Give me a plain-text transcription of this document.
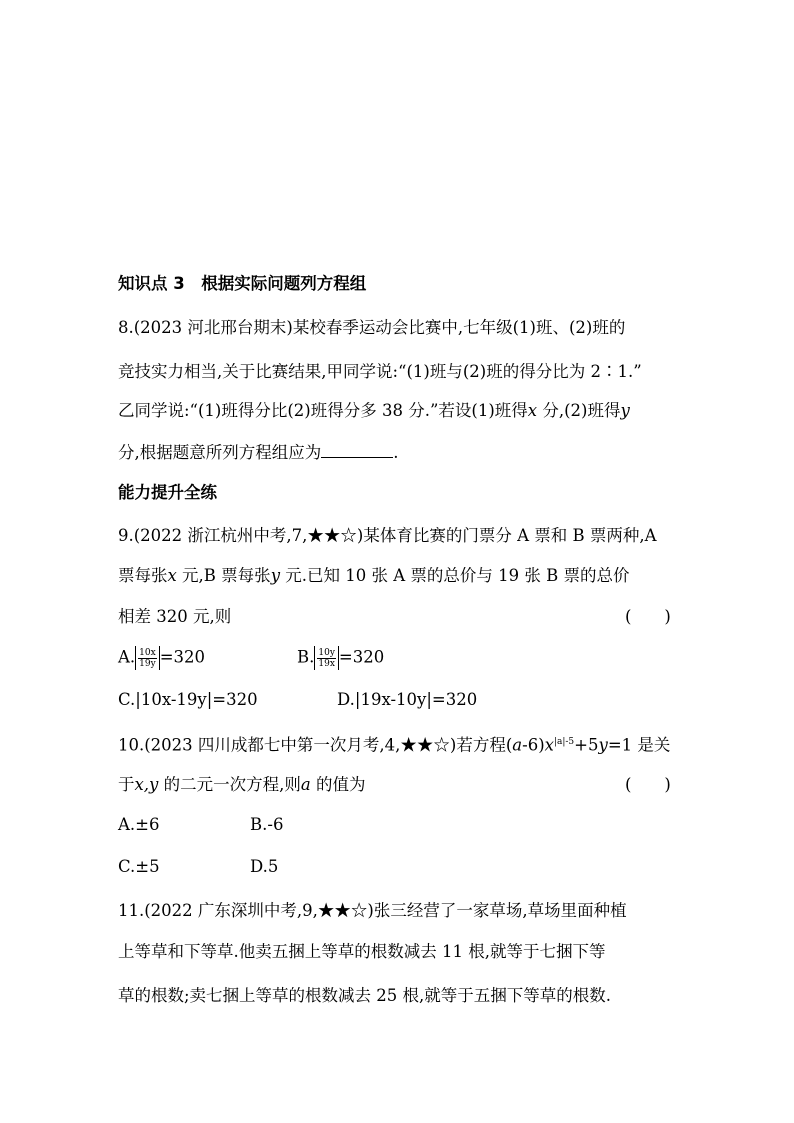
知识点 3　根据实际问题列方程组
8.(2023 河北邢台期末)某校春季运动会比赛中,七年级(1)班、(2)班的
竞技实力相当,关于比赛结果,甲同学说:“(1)班与(2)班的得分比为 2∶1.”
乙同学说:“(1)班得分比(2)班得分多 38 分.”若设(1)班得x 分,(2)班得y
分,根据题意所列方程组应为	.
能力提升全练
9.(2022 浙江杭州中考,7,★★☆)某体育比赛的门票分 A 票和 B 票两种,A
票每张x 元,B 票每张y 元.已知 10 张 A 票的总价与 19 张 B 票的总价
相差 320 元,则	(　　)
A. $\frac{10x}{19y} =320$	B. $\frac{10y}{19x} =320$
C.|10x-19y|=320	D.|19x-10y|=320
10.(2023 四川成都七中第一次月考,4,★★☆)若方程$(a-6)x^{|a|-5}+5y=1$ 是关
于x,y 的二元一次方程,则a 的值为	(　　)
A.±6	B.-6
C.±5	D.5
11.(2022 广东深圳中考,9,★★☆)张三经营了一家草场,草场里面种植
上等草和下等草.他卖五捆上等草的根数减去 11 根,就等于七捆下等
草的根数;卖七捆上等草的根数减去 25 根,就等于五捆下等草的根数.
